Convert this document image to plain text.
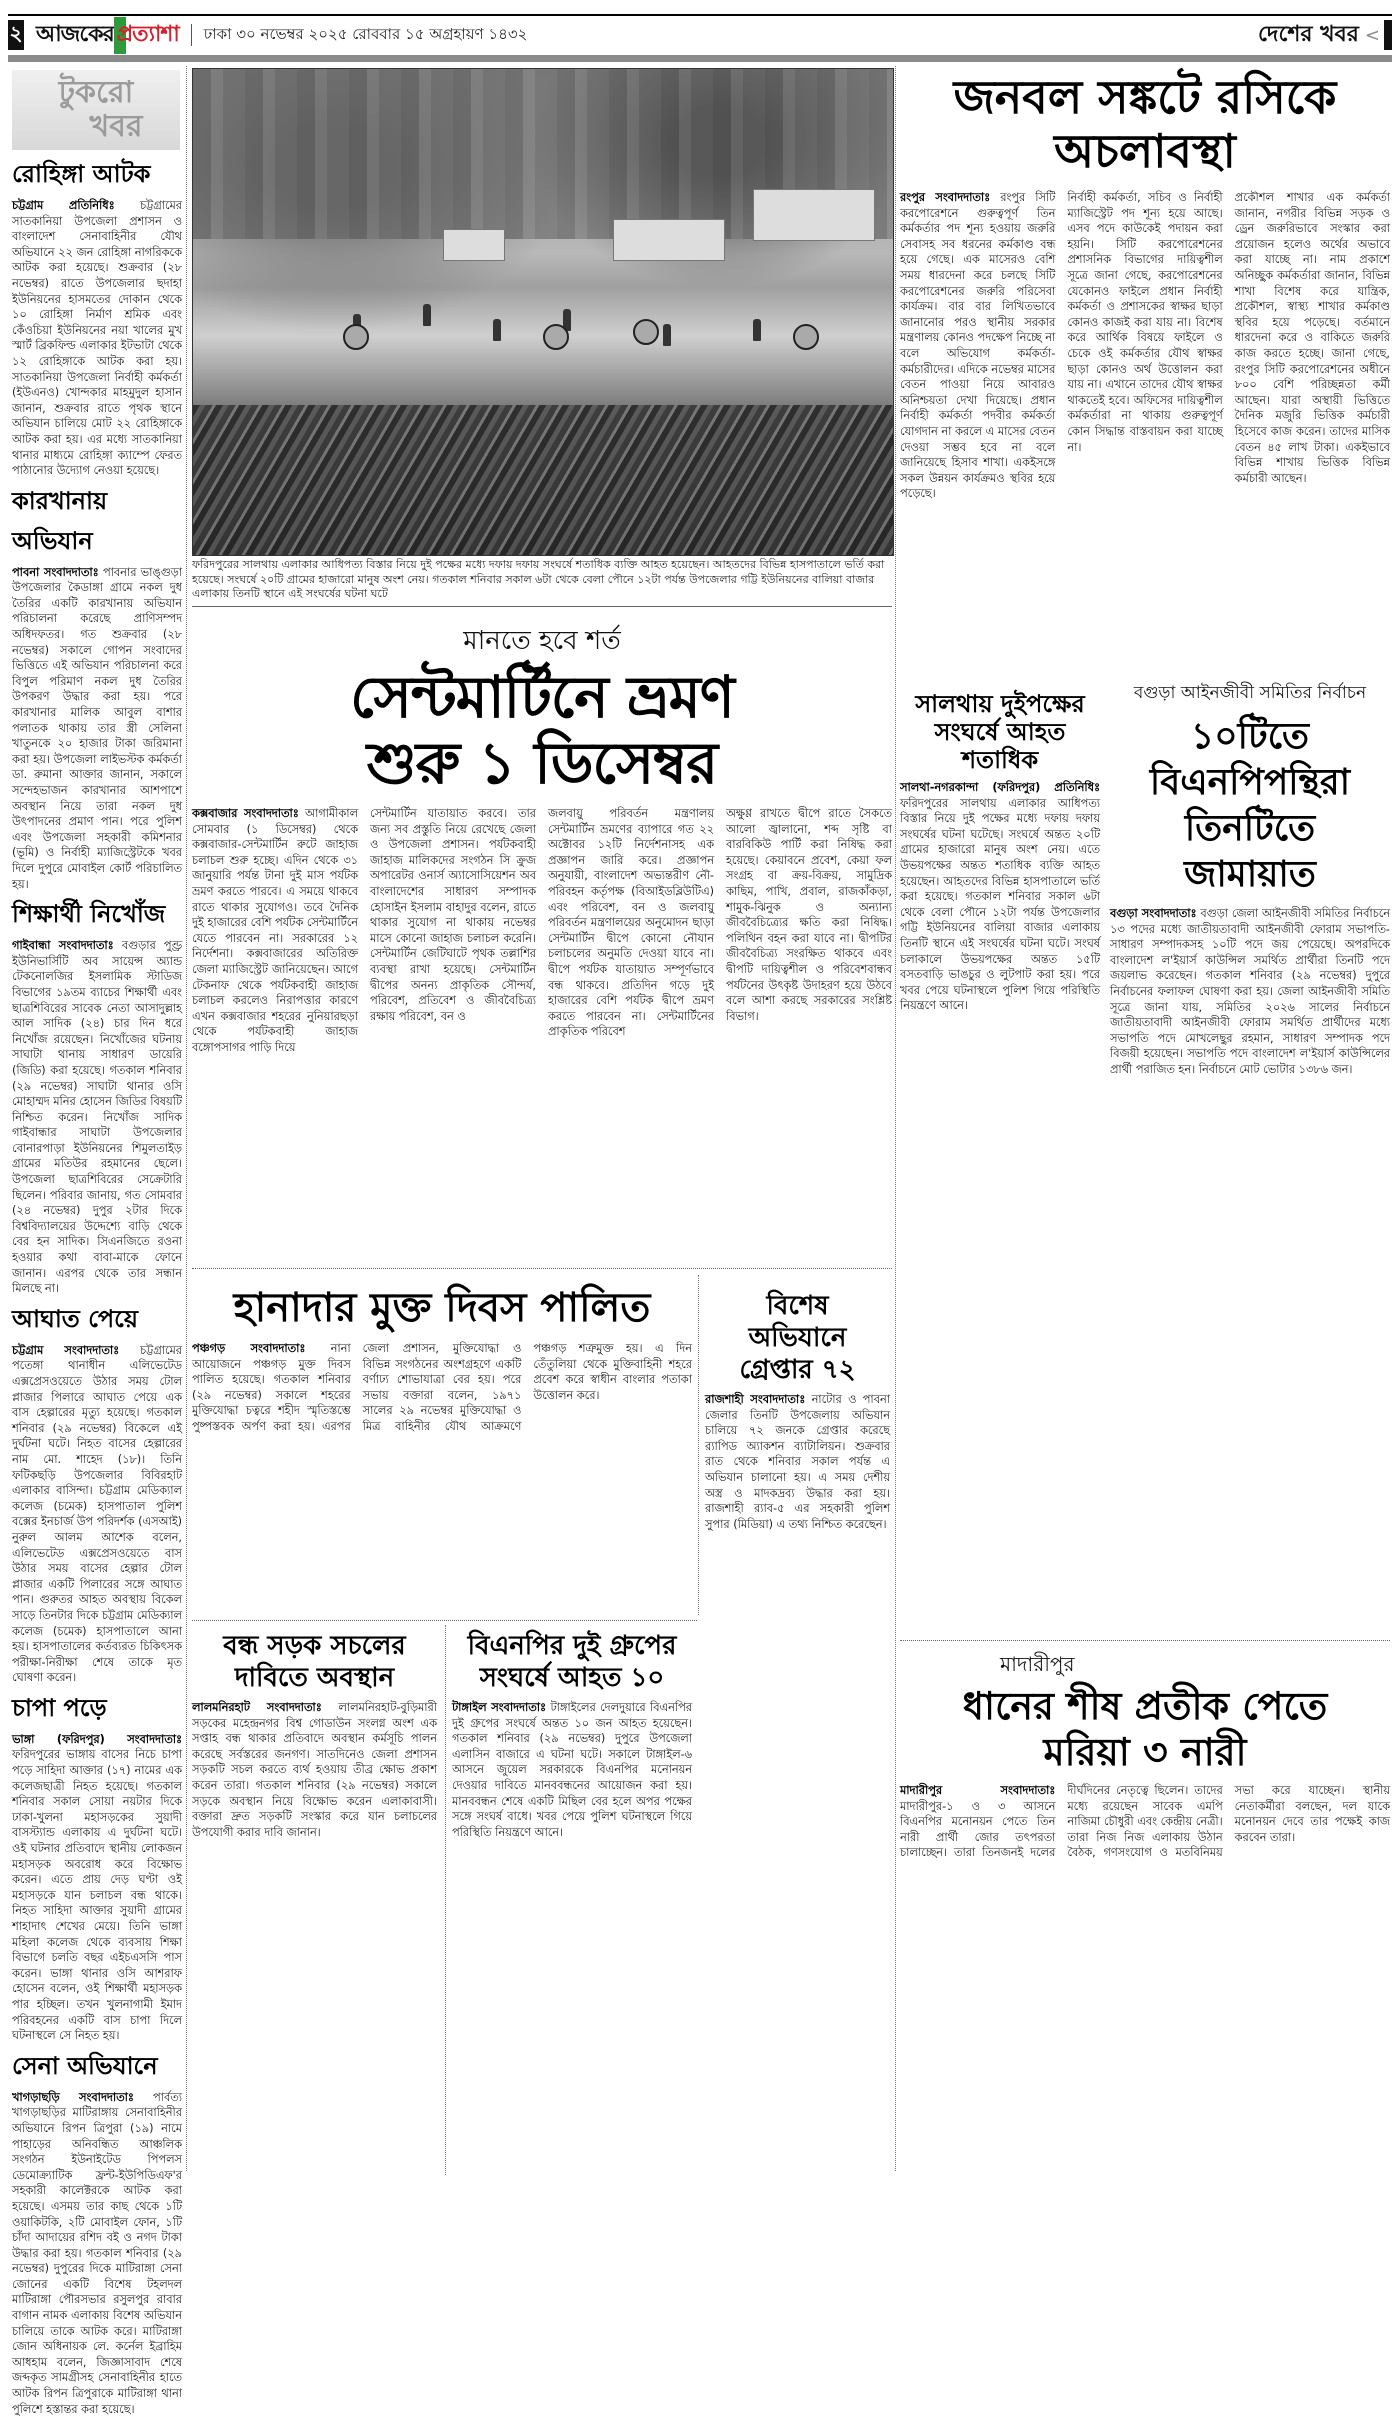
২ আজকের প্রত্যাশা ঢাকা ৩০ নভেম্বর ২০২৫ রোববার ১৫ অগ্রহায়ণ ১৪৩২	দেশের খবর <
টুকরো
খবর
রোহিঙ্গা আটক
চট্টগ্রাম প্রতিনিধিঃ চট্টগ্রামের সাতকানিয়া উপজেলা প্রশাসন ও বাংলাদেশ সেনাবাহিনীর যৌথ অভিযানে ২২ জন রোহিঙ্গা নাগরিককে আটক করা হয়েছে। শুক্রবার (২৮ নভেম্বর) রাতে উপজেলার ছদাহা ইউনিয়নের হাসমতের দোকান থেকে ১০ রোহিঙ্গা নির্মাণ শ্রমিক এবং কেঁওচিয়া ইউনিয়নের নয়া খালের মুখ স্মার্ট ব্রিকফিল্ড এলাকার ইটভাটা থেকে ১২ রোহিঙ্গাকে আটক করা হয়। সাতকানিয়া উপজেলা নির্বাহী কর্মকর্তা (ইউএনও) খোন্দকার মাহমুদুল হাসান জানান, শুক্রবার রাতে পৃথক স্থানে অভিযান চালিয়ে মোট ২২ রোহিঙ্গাকে আটক করা হয়। এর মধ্যে সাতকানিয়া থানার মাধ্যমে রোহিঙ্গা ক্যাম্পে ফেরত পাঠানোর উদ্যোগ নেওয়া হয়েছে।
কারখানায় অভিযান
পাবনা সংবাদদাতাঃ পাবনার ভাঙ্গুড়া উপজেলার কৈডাঙ্গা গ্রামে নকল দুধ তৈরির একটি কারখানায় অভিযান পরিচালনা করেছে প্রাণিসম্পদ অধিদফতর। গত শুক্রবার (২৮ নভেম্বর) সকালে গোপন সংবাদের ভিত্তিতে এই অভিযান পরিচালনা করে বিপুল পরিমাণ নকল দুধ তৈরির উপকরণ উদ্ধার করা হয়। পরে কারখানার মালিক আবুল বাশার পলাতক থাকায় তার স্ত্রী সেলিনা খাতুনকে ২০ হাজার টাকা জরিমানা করা হয়। উপজেলা লাইভস্টক কর্মকর্তা ডা. রুমানা আক্তার জানান, সকালে সন্দেহভাজন কারখানার আশপাশে অবস্থান নিয়ে তারা নকল দুধ উৎপাদনের প্রমাণ পান। পরে পুলিশ এবং উপজেলা সহকারী কমিশনার (ভূমি) ও নির্বাহী ম্যাজিস্ট্রেটকে খবর দিলে দুপুরে মোবাইল কোর্ট পরিচালিত হয়।
শিক্ষার্থী নিখোঁজ
গাইবান্ধা সংবাদদাতাঃ বগুড়ার পুণ্ড্র ইউনিভার্সিটি অব সায়েন্স অ্যান্ড টেকনোলজির ইসলামিক স্টাডিজ বিভাগের ১৯তম ব্যাচের শিক্ষার্থী এবং ছাত্রশিবিরের সাবেক নেতা আসাদুল্লাহ আল সাদিক (২৪) চার দিন ধরে নিখোঁজ রয়েছেন। নিখোঁজের ঘটনায় সাঘাটা থানায় সাধারণ ডায়েরি (জিডি) করা হয়েছে। গতকাল শনিবার (২৯ নভেম্বর) সাঘাটা থানার ওসি মোহাম্মদ মনির হোসেন জিডির বিষয়টি নিশ্চিত করেন। নিখোঁজ সাদিক গাইবান্ধার সাঘাটা উপজেলার বোনারপাড়া ইউনিয়নের শিমুলতাইড় গ্রামের মতিউর রহমানের ছেলে। উপজেলা ছাত্রশিবিরের সেক্রেটারি ছিলেন। পরিবার জানায়, গত সোমবার (২৪ নভেম্বর) দুপুর ২টার দিকে বিশ্ববিদ্যালয়ের উদ্দেশ্যে বাড়ি থেকে বের হন সাদিক। সিএনজিতে রওনা হওয়ার কথা বাবা-মাকে ফোনে জানান। এরপর থেকে তার সন্ধান মিলছে না।
আঘাত পেয়ে
চট্টগ্রাম সংবাদদাতাঃ চট্টগ্রামের পতেঙ্গা থানাধীন এলিভেটেড এক্সপ্রেসওয়েতে উঠার সময় টোল প্লাজার পিলারে আঘাত পেয়ে এক বাস হেল্পারের মৃত্যু হয়েছে। গতকাল শনিবার (২৯ নভেম্বর) বিকেলে এই দুর্ঘটনা ঘটে। নিহত বাসের হেল্পারের নাম মো. শাহেদ (১৮)। তিনি ফটিকছড়ি উপজেলার বিবিরহাট এলাকার বাসিন্দা। চট্টগ্রাম মেডিক্যাল কলেজ (চমেক) হাসপাতাল পুলিশ বক্সের ইনচার্জ উপ পরিদর্শক (এসআই) নুরুল আলম আশেক বলেন, এলিভেটেড এক্সপ্রেসওয়েতে বাস উঠার সময় বাসের হেল্পার টোল প্লাজার একটি পিলারের সঙ্গে আঘাত পান। গুরুতর আহত অবস্থায় বিকেল সাড়ে তিনটার দিকে চট্টগ্রাম মেডিক্যাল কলেজ (চমেক) হাসপাতালে আনা হয়। হাসপাতালের কর্তব্যরত চিকিৎসক পরীক্ষা-নিরীক্ষা শেষে তাকে মৃত ঘোষণা করেন।
চাপা পড়ে
ভাঙ্গা (ফরিদপুর) সংবাদদাতাঃ ফরিদপুরের ভাঙ্গায় বাসের নিচে চাপা পড়ে সাহিদা আক্তার (১৭) নামের এক কলেজছাত্রী নিহত হয়েছে। গতকাল শনিবার সকাল সোয়া নয়টার দিকে ঢাকা-খুলনা মহাসড়কের সুয়াদী বাসস্ট্যান্ড এলাকায় এ দুর্ঘটনা ঘটে। ওই ঘটনার প্রতিবাদে স্থানীয় লোকজন মহাসড়ক অবরোধ করে বিক্ষোভ করেন। এতে প্রায় দেড় ঘণ্টা ওই মহাসড়কে যান চলাচল বন্ধ থাকে। নিহত সাহিদা আক্তার সুয়াদী গ্রামের শাহাদাৎ শেখের মেয়ে। তিনি ভাঙ্গা মহিলা কলেজ থেকে ব্যবসায় শিক্ষা বিভাগে চলতি বছর এইচএসসি পাস করেন। ভাঙ্গা থানার ওসি আশরাফ হোসেন বলেন, ওই শিক্ষার্থী মহাসড়ক পার হচ্ছিল। তখন খুলনাগামী ইমাদ পরিবহনের একটি বাস চাপা দিলে ঘটনাস্থলে সে নিহত হয়।
সেনা অভিযানে
খাগড়াছড়ি সংবাদদাতাঃ পার্বত্য খাগড়াছড়ির মাটিরাঙ্গায় সেনাবাহিনীর অভিযানে রিপন ত্রিপুরা (১৯) নামে পাহাড়ের অনিবন্ধিত আঞ্চলিক সংগঠন ইউনাইটেড পিপলস ডেমোক্র্যাটিক ফ্রন্ট-ইউপিডিএফ'র সহকারী কালেক্টরকে আটক করা হয়েছে। এসময় তার কাছ থেকে ১টি ওয়াকিটকি, ২টি মোবাইল ফোন, ১টি চাঁদা আদায়ের রশিদ বই ও নগদ টাকা উদ্ধার করা হয়। গতকাল শনিবার (২৯ নভেম্বর) দুপুরের দিকে মাটিরাঙ্গা সেনা জোনের একটি বিশেষ টহলদল মাটিরাঙ্গা পৌরসভার রসুলপুর রাবার বাগান নামক এলাকায় বিশেষ অভিযান চালিয়ে তাকে আটক করে। মাটিরাঙ্গা জোন অধিনায়ক লে. কর্নেল ইব্রাহিম আধহাম বলেন, জিজ্ঞাসাবাদ শেষে জব্দকৃত সামগ্রীসহ সেনাবাহিনীর হাতে আটক রিপন ত্রিপুরাকে মাটিরাঙ্গা থানা পুলিশে হস্তান্তর করা হয়েছে।
ফরিদপুরের সালথায় এলাকার আধিপত্য বিস্তার নিয়ে দুই পক্ষের মধ্যে দফায় দফায় সংঘর্ষে শতাধিক ব্যক্তি আহত হয়েছেন। আহতদের বিভিন্ন হাসপাতালে ভর্তি করা হয়েছে। সংঘর্ষে ২০টি গ্রামের হাজারো মানুষ অংশ নেয়। গতকাল শনিবার সকাল ৬টা থেকে বেলা পৌনে ১২টা পর্যন্ত উপজেলার গট্টি ইউনিয়নের বালিয়া বাজার এলাকায় তিনটি স্থানে এই সংঘর্ষের ঘটনা ঘটে
জনবল সঙ্কটে রসিকে
অচলাবস্থা
রংপুর সংবাদদাতাঃ রংপুর সিটি করপোরেশনে গুরুত্বপূর্ণ তিন কর্মকর্তার পদ শূন্য হওয়ায় জরুরি সেবাসহ সব ধরনের কর্মকাণ্ড বন্ধ হয়ে গেছে। এক মাসেরও বেশি সময় ধারদেনা করে চলছে সিটি করপোরেশনের জরুরি পরিসেবা কার্যক্রম। বার বার লিখিতভাবে জানানোর পরও স্থানীয় সরকার মন্ত্রণালয় কোনও পদক্ষেপ নিচ্ছে না বলে অভিযোগ কর্মকর্তা-কর্মচারীদের। এদিকে নভেম্বর মাসের বেতন পাওয়া নিয়ে আবারও অনিশ্চয়তা দেখা দিয়েছে। প্রধান নির্বাহী কর্মকর্তা পদবীর কর্মকর্তা যোগদান না করলে এ মাসের বেতন দেওয়া সম্ভব হবে না বলে জানিয়েছে হিসাব শাখা। একইসঙ্গে সকল উন্নয়ন কার্যক্রমও স্থবির হয়ে পড়েছে।
নির্বাহী কর্মকর্তা, সচিব ও নির্বাহী ম্যাজিস্ট্রেট পদ শূন্য হয়ে আছে। এসব পদে কাউকেই পদায়ন করা হয়নি। সিটি করপোরেশনের প্রশাসনিক বিভাগের দায়িত্বশীল সূত্রে জানা গেছে, করপোরেশনের যেকোনও ফাইলে প্রধান নির্বাহী কর্মকর্তা ও প্রশাসকের স্বাক্ষর ছাড়া কোনও কাজই করা যায় না। বিশেষ করে আর্থিক বিষয়ে ফাইলে ও চেকে ওই কর্মকর্তার যৌথ স্বাক্ষর ছাড়া কোনও অর্থ উত্তোলন করা যায় না। এখানে তাদের যৌথ স্বাক্ষর থাকতেই হবে। অফিসের দায়িত্বশীল কর্মকর্তারা না থাকায় গুরুত্বপূর্ণ কোন সিদ্ধান্ত বাস্তবায়ন করা যাচ্ছে না।
প্রকৌশল শাখার এক কর্মকর্তা জানান, নগরীর বিভিন্ন সড়ক ও ড্রেন জরুরিভাবে সংস্কার করা প্রয়োজন হলেও অর্থের অভাবে করা যাচ্ছে না। নাম প্রকাশে অনিচ্ছুক কর্মকর্তারা জানান, বিভিন্ন শাখা বিশেষ করে যান্ত্রিক, প্রকৌশল, স্বাস্থ্য শাখার কর্মকাণ্ড স্থবির হয়ে পড়েছে। বর্তমানে ধারদেনা করে ও বাকিতে জরুরি কাজ করতে হচ্ছে। জানা গেছে, রংপুর সিটি করপোরেশনের অধীনে ৮০০ বেশি পরিচ্ছন্নতা কর্মী আছেন। যারা অস্থায়ী ভিত্তিতে দৈনিক মজুরি ভিত্তিক কর্মচারী হিসেবে কাজ করেন। তাদের মাসিক বেতন ৪৫ লাখ টাকা। একইভাবে বিভিন্ন শাখায় ভিত্তিক বিভিন্ন কর্মচারী আছেন।
মানতে হবে শর্ত
সেন্টমার্টিনে ভ্রমণ
শুরু ১ ডিসেম্বর
কক্সবাজার সংবাদদাতাঃ আগামীকাল সোমবার (১ ডিসেম্বর) থেকে কক্সবাজার-সেন্টমার্টিন রুটে জাহাজ চলাচল শুরু হচ্ছে। এদিন থেকে ৩১ জানুয়ারি পর্যন্ত টানা দুই মাস পর্যটক ভ্রমণ করতে পারবে। এ সময়ে থাকবে রাতে থাকার সুযোগও। তবে দৈনিক দুই হাজারের বেশি পর্যটক সেন্টমার্টিনে যেতে পারবেন না। সরকারের ১২ নির্দেশনা। কক্সবাজারের অতিরিক্ত জেলা ম্যাজিস্ট্রেট জানিয়েছেন। আগে টেকনাফ থেকে পর্যটকবাহী জাহাজ চলাচল করলেও নিরাপত্তার কারণে এখন কক্সবাজার শহরের নুনিয়ারছড়া থেকে পর্যটকবাহী জাহাজ বঙ্গোপসাগর পাড়ি দিয়ে
সেন্টমার্টিন যাতায়াত করবে। তার জন্য সব প্রস্তুতি নিয়ে রেখেছে জেলা ও উপজেলা প্রশাসন। পর্যটকবাহী জাহাজ মালিকদের সংগঠন সি ক্রুজ অপারেটর ওনার্স অ্যাসোসিয়েশন অব বাংলাদেশের সাধারণ সম্পাদক হোসাইন ইসলাম বাহাদুর বলেন, রাতে থাকার সুযোগ না থাকায় নভেম্বর মাসে কোনো জাহাজ চলাচল করেনি। সেন্টমার্টিন জেটিঘাটে পৃথক তল্লাশির ব্যবস্থা রাখা হয়েছে। সেন্টমার্টিন দ্বীপের অনন্য প্রাকৃতিক সৌন্দর্য, পরিবেশ, প্রতিবেশ ও জীববৈচিত্র্য রক্ষায় পরিবেশ, বন ও
জলবায়ু পরিবর্তন মন্ত্রণালয় সেন্টমার্টিন ভ্রমণের ব্যাপারে গত ২২ অক্টোবর ১২টি নির্দেশনাসহ এক প্রজ্ঞাপন জারি করে। প্রজ্ঞাপন অনুযায়ী, বাংলাদেশ অভ্যন্তরীণ নৌ-পরিবহন কর্তৃপক্ষ (বিআইডব্লিউটিএ) এবং পরিবেশ, বন ও জলবায়ু পরিবর্তন মন্ত্রণালয়ের অনুমোদন ছাড়া সেন্টমার্টিন দ্বীপে কোনো নৌযান চলাচলের অনুমতি দেওয়া যাবে না। দ্বীপে পর্যটক যাতায়াত সম্পূর্ণভাবে বন্ধ থাকবে। প্রতিদিন গড়ে দুই হাজারের বেশি পর্যটক দ্বীপে ভ্রমণ করতে পারবেন না। সেন্টমার্টিনের প্রাকৃতিক পরিবেশ
অক্ষুণ্ণ রাখতে দ্বীপে রাতে সৈকতে আলো জ্বালানো, শব্দ সৃষ্টি বা বারবিকিউ পার্টি করা নিষিদ্ধ করা হয়েছে। কেয়াবনে প্রবেশ, কেয়া ফল সংগ্রহ বা ক্রয়-বিক্রয়, সামুদ্রিক কাছিম, পাখি, প্রবাল, রাজকাঁকড়া, শামুক-ঝিনুক ও অন্যান্য জীববৈচিত্র্যের ক্ষতি করা নিষিদ্ধ। পলিথিন বহন করা যাবে না। দ্বীপটির জীববৈচিত্র্য সংরক্ষিত থাকবে এবং দ্বীপটি দায়িত্বশীল ও পরিবেশবান্ধব পর্যটনের উৎকৃষ্ট উদাহরণ হয়ে উঠবে বলে আশা করছে সরকারের সংশ্লিষ্ট বিভাগ।
সালথায় দুইপক্ষের সংঘর্ষে আহত শতাধিক
সালথা-নগরকান্দা (ফরিদপুর) প্রতিনিধিঃ ফরিদপুরের সালথায় এলাকার আধিপত্য বিস্তার নিয়ে দুই পক্ষের মধ্যে দফায় দফায় সংঘর্ষের ঘটনা ঘটেছে। সংঘর্ষে অন্তত ২০টি গ্রামের হাজারো মানুষ অংশ নেয়। এতে উভয়পক্ষের অন্তত শতাধিক ব্যক্তি আহত হয়েছেন। আহতদের বিভিন্ন হাসপাতালে ভর্তি করা হয়েছে। গতকাল শনিবার সকাল ৬টা থেকে বেলা পৌনে ১২টা পর্যন্ত উপজেলার গট্টি ইউনিয়নের বালিয়া বাজার এলাকায় তিনটি স্থানে এই সংঘর্ষের ঘটনা ঘটে। সংঘর্ষ চলাকালে উভয়পক্ষের অন্তত ১৫টি বসতবাড়ি ভাঙচুর ও লুটপাট করা হয়। পরে খবর পেয়ে ঘটনাস্থলে পুলিশ গিয়ে পরিস্থিতি নিয়ন্ত্রণে আনে।
বগুড়া আইনজীবী সমিতির নির্বাচন
১০টিতে
বিএনপিপন্থিরা
তিনটিতে
জামায়াত
বগুড়া সংবাদদাতাঃ বগুড়া জেলা আইনজীবী সমিতির নির্বাচনে ১৩ পদের মধ্যে জাতীয়তাবাদী আইনজীবী ফোরাম সভাপতি-সাধারণ সম্পাদকসহ ১০টি পদে জয় পেয়েছে। অপরদিকে বাংলাদেশ ল'ইয়ার্স কাউন্সিল সমর্থিত প্রার্থীরা তিনটি পদে জয়লাভ করেছেন। গতকাল শনিবার (২৯ নভেম্বর) দুপুরে নির্বাচনের ফলাফল ঘোষণা করা হয়। জেলা আইনজীবী সমিতি সূত্রে জানা যায়, সমিতির ২০২৬ সালের নির্বাচনে জাতীয়তাবাদী আইনজীবী ফোরাম সমর্থিত প্রার্থীদের মধ্যে সভাপতি পদে মোখলেছুর রহমান, সাধারণ সম্পাদক পদে বিজয়ী হয়েছেন। সভাপতি পদে বাংলাদেশ ল'ইয়ার্স কাউন্সিলের প্রার্থী পরাজিত হন। নির্বাচনে মোট ভোটার ১৩৮৬ জন।
হানাদার মুক্ত দিবস পালিত
পঞ্চগড় সংবাদদাতাঃ নানা আয়োজনে পঞ্চগড় মুক্ত দিবস পালিত হয়েছে। গতকাল শনিবার (২৯ নভেম্বর) সকালে শহরের মুক্তিযোদ্ধা চত্বরে শহীদ স্মৃতিস্তম্ভে পুষ্পস্তবক অর্পণ করা হয়। এরপর জেলা প্রশাসন, মুক্তিযোদ্ধা ও বিভিন্ন সংগঠনের অংশগ্রহণে একটি বর্ণাঢ্য শোভাযাত্রা বের হয়। পরে সভায় বক্তারা বলেন, ১৯৭১ সালের ২৯ নভেম্বর মুক্তিযোদ্ধা ও মিত্র বাহিনীর যৌথ আক্রমণে পঞ্চগড় শত্রুমুক্ত হয়। এ দিন তেঁতুলিয়া থেকে মুক্তিবাহিনী শহরে প্রবেশ করে স্বাধীন বাংলার পতাকা উত্তোলন করে।
বিশেষ
অভিযানে
গ্রেপ্তার ৭২
রাজশাহী সংবাদদাতাঃ নাটোর ও পাবনা জেলার তিনটি উপজেলায় অভিযান চালিয়ে ৭২ জনকে গ্রেপ্তার করেছে র‍্যাপিড অ্যাকশন ব্যাটালিয়ন। শুক্রবার রাত থেকে শনিবার সকাল পর্যন্ত এ অভিযান চালানো হয়। এ সময় দেশীয় অস্ত্র ও মাদকদ্রব্য উদ্ধার করা হয়। রাজশাহী র‍্যাব-৫ এর সহকারী পুলিশ সুপার (মিডিয়া) এ তথ্য নিশ্চিত করেছেন।
বন্ধ সড়ক সচলের
দাবিতে অবস্থান
লালমনিরহাট সংবাদদাতাঃ লালমনিরহাট-বুড়িমারী সড়কের মহেন্দ্রনগর বিশ্ব গোডাউন সংলগ্ন অংশ এক সপ্তাহ বন্ধ থাকার প্রতিবাদে অবস্থান কর্মসূচি পালন করেছে সর্বস্তরের জনগণ। সাতদিনেও জেলা প্রশাসন সড়কটি সচল করতে ব্যর্থ হওয়ায় তীব্র ক্ষোভ প্রকাশ করেন তারা। গতকাল শনিবার (২৯ নভেম্বর) সকালে সড়কে অবস্থান নিয়ে বিক্ষোভ করেন এলাকাবাসী। বক্তারা দ্রুত সড়কটি সংস্কার করে যান চলাচলের উপযোগী করার দাবি জানান।
বিএনপির দুই গ্রুপের
সংঘর্ষে আহত ১০
টাঙ্গাইল সংবাদদাতাঃ টাঙ্গাইলের দেলদুয়ারে বিএনপির দুই গ্রুপের সংঘর্ষে অন্তত ১০ জন আহত হয়েছেন। গতকাল শনিবার (২৯ নভেম্বর) দুপুরে উপজেলা এলাসিন বাজারে এ ঘটনা ঘটে। সকালে টাঙ্গাইল-৬ আসনে জুয়েল সরকারকে বিএনপির মনোনয়ন দেওয়ার দাবিতে মানববন্ধনের আয়োজন করা হয়। মানববন্ধন শেষে একটি মিছিল বের হলে অপর পক্ষের সঙ্গে সংঘর্ষ বাধে। খবর পেয়ে পুলিশ ঘটনাস্থলে গিয়ে পরিস্থিতি নিয়ন্ত্রণে আনে।
মাদারীপুর
ধানের শীষ প্রতীক পেতে
মরিয়া ৩ নারী
মাদারীপুর সংবাদদাতাঃ মাদারীপুর-১ ও ৩ আসনে বিএনপির মনোনয়ন পেতে তিন নারী প্রার্থী জোর তৎপরতা চালাচ্ছেন। তারা তিনজনই দলের দীর্ঘদিনের নেতৃত্বে ছিলেন। তাদের মধ্যে রয়েছেন সাবেক এমপি নাজিমা চৌধুরী এবং কেন্দ্রীয় নেত্রী। তারা নিজ নিজ এলাকায় উঠান বৈঠক, গণসংযোগ ও মতবিনিময় সভা করে যাচ্ছেন। স্থানীয় নেতাকর্মীরা বলছেন, দল যাকে মনোনয়ন দেবে তার পক্ষেই কাজ করবেন তারা।
